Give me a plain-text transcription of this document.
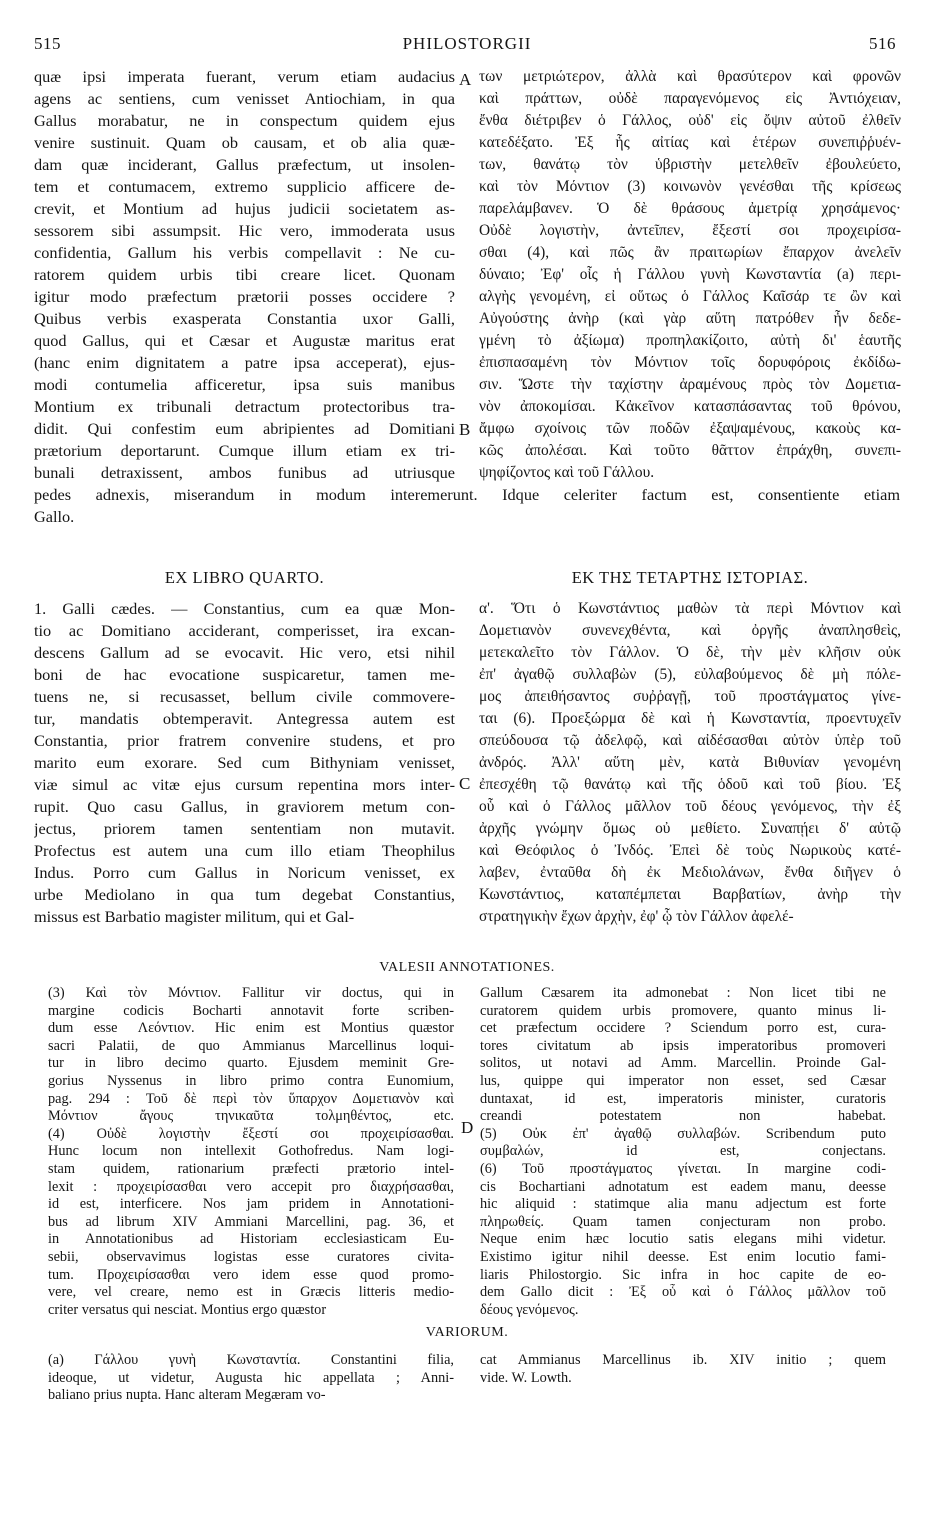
515	PHILOSTORGII	516
quæ ipsi imperata fuerant, verum etiam audacius
agens ac sentiens, cum venisset Antiochiam, in qua
Gallus morabatur, ne in conspectum quidem ejus
venire sustinuit. Quam ob causam, et ob alia quæ-
dam quæ inciderant, Gallus præfectum, ut insolen-
tem et contumacem, extremo supplicio afficere de-
crevit, et Montium ad hujus judicii societatem as-
sessorem sibi assumpsit. Hic vero, immoderata usus
confidentia, Gallum his verbis compellavit : Ne cu-
ratorem quidem urbis tibi creare licet. Quonam
igitur modo præfectum prætorii posses occidere ?
Quibus verbis exasperata Constantia uxor Galli,
quod Gallus, qui et Cæsar et Augustæ maritus erat
(hanc enim dignitatem a patre ipsa acceperat), ejus-
modi contumelia afficeretur, ipsa suis manibus
Montium ex tribunali detractum protectoribus tra-
didit. Qui confestim eum abripientes ad Domitiani
prætorium deportarunt. Cumque illum etiam ex tri-
bunali detraxissent, ambos funibus ad utriusque
των μετριώτερον, ἀλλὰ καὶ θρασύτερον καὶ φρονῶν
καὶ πράττων, οὐδὲ παραγενόμενος εἰς Ἀντιόχειαν,
ἔνθα διέτριβεν ὁ Γάλλος, οὐδ' εἰς ὄψιν αὐτοῦ ἐλθεῖν
κατεδέξατο. Ἐξ ἧς αἰτίας καὶ ἑτέρων συνεπιῤῥυέν-
των, θανάτῳ τὸν ὑβριστὴν μετελθεῖν ἐβουλεύετο,
καὶ τὸν Μόντιον (3) κοινωνὸν γενέσθαι τῆς κρίσεως
παρελάμβανεν. Ὁ δὲ θράσους ἀμετρίᾳ χρησάμενος·
Οὐδὲ λογιστὴν, ἀντεῖπεν, ἔξεστί σοι προχειρίσα-
σθαι (4), καὶ πῶς ἂν πραιτωρίων ἔπαρχον ἀνελεῖν
δύναιο; Ἐφ' οἷς ἡ Γάλλου γυνὴ Κωνσταντία (a) περι-
αλγὴς γενομένη, εἰ οὕτως ὁ Γάλλος Καῖσάρ τε ὢν καὶ
Αὐγούστης ἀνὴρ (καὶ γὰρ αὕτη πατρόθεν ἦν δεδε-
γμένη τὸ ἀξίωμα) προπηλακίζοιτο, αὐτὴ δι' ἑαυτῆς
ἐπισπασαμένη τὸν Μόντιον τοῖς δορυφόροις ἐκδίδω-
σιν. Ὥστε τὴν ταχίστην ἀραμένους πρὸς τὸν Δομετια-
νὸν ἀποκομίσαι. Κἀκεῖνον κατασπάσαντας τοῦ θρόνου,
ἄμφω σχοίνοις τῶν ποδῶν ἐξαψαμένους, κακοὺς κα-
κῶς ἀπολέσαι. Καὶ τοῦτο θᾶττον ἐπράχθη, συνεπι-
ψηφίζοντος καὶ τοῦ Γάλλου.
A
B
pedes adnexis, miserandum in modum interemerunt. Idque celeriter factum est, consentiente etiam
Gallo.
EX LIBRO QUARTO.	ΕΚ ΤΗΣ ΤΕΤΑΡΤΗΣ ΙΣΤΟΡΙΑΣ.
1. Galli cædes. — Constantius, cum ea quæ Mon-
tio ac Domitiano acciderant, comperisset, ira excan-
descens Gallum ad se evocavit. Hic vero, etsi nihil
boni de hac evocatione suspicaretur, tamen me-
tuens ne, si recusasset, bellum civile commovere-
tur, mandatis obtemperavit. Antegressa autem est
Constantia, prior fratrem convenire studens, et pro
marito eum exorare. Sed cum Bithyniam venisset,
viæ simul ac vitæ ejus cursum repentina mors inter-
rupit. Quo casu Gallus, in graviorem metum con-
jectus, priorem tamen sententiam non mutavit.
Profectus est autem una cum illo etiam Theophilus
Indus. Porro cum Gallus in Noricum venisset, ex
urbe Mediolano in qua tum degebat Constantius,
missus est Barbatio magister militum, qui et Gal-
α'. Ὅτι ὁ Κωνστάντιος μαθὼν τὰ περὶ Μόντιον καὶ
Δομετιανὸν συνενεχθέντα, καὶ ὀργῆς ἀναπλησθεὶς,
μετεκαλεῖτο τὸν Γάλλον. Ὁ δὲ, τὴν μὲν κλῆσιν οὐκ
ἐπ' ἀγαθῷ συλλαβὼν (5), εὐλαβούμενος δὲ μὴ πόλε-
μος ἀπειθήσαντος συῤῥαγῇ, τοῦ προστάγματος γίνε-
ται (6). Προεξώρμα δὲ καὶ ἡ Κωνσταντία, προεντυχεῖν
σπεύδουσα τῷ ἀδελφῷ, καὶ αἰδέσασθαι αὐτὸν ὑπὲρ τοῦ
ἀνδρός. Ἀλλ' αὕτη μὲν, κατὰ Βιθυνίαν γενομένη
ἐπεσχέθη τῷ θανάτῳ καὶ τῆς ὁδοῦ καὶ τοῦ βίου. Ἐξ
οὗ καὶ ὁ Γάλλος μᾶλλον τοῦ δέους γενόμενος, τὴν ἐξ
ἀρχῆς γνώμην ὅμως οὐ μεθίετο. Συναπῄει δ' αὐτῷ
καὶ Θεόφιλος ὁ Ἰνδός. Ἐπεὶ δὲ τοὺς Νωρικοὺς κατέ-
λαβεν, ἐνταῦθα δὴ ἐκ Μεδιολάνων, ἔνθα διῆγεν ὁ
Κωνστάντιος, καταπέμπεται Βαρβατίων, ἀνὴρ τὴν
στρατηγικὴν ἔχων ἀρχὴν, ἐφ' ᾧ τὸν Γάλλον ἀφελέ-
C
VALESII ANNOTATIONES.
(3) Καὶ τὸν Μόντιον. Fallitur vir doctus, qui in
margine codicis Bocharti annotavit forte scriben-
dum esse Λεόντιον. Hic enim est Montius quæstor
sacri Palatii, de quo Ammianus Marcellinus loqui-
tur in libro decimo quarto. Ejusdem meminit Gre-
gorius Nyssenus in libro primo contra Eunomium,
pag. 294 : Τοῦ δὲ περὶ τὸν ὕπαρχον Δομετιανὸν καὶ
Μόντιον ἄγους τηνικαῦτα τολμηθέντος, etc.
(4) Οὐδὲ λογιστὴν ἔξεστί σοι προχειρίσασθαι.
Hunc locum non intellexit Gothofredus. Nam logi-
stam quidem, rationarium præfecti prætorio intel-
lexit : προχειρίσασθαι vero accepit pro διαχρήσασθαι,
id est, interficere. Nos jam pridem in Annotationi-
bus ad librum XIV Ammiani Marcellini, pag. 36, et
in Annotationibus ad Historiam ecclesiasticam Eu-
sebii, observavimus logistas esse curatores civita-
tum. Προχειρίσασθαι vero idem esse quod promo-
vere, vel creare, nemo est in Græcis litteris medio-
criter versatus qui nesciat. Montius ergo quæstor
Gallum Cæsarem ita admonebat : Non licet tibi ne
curatorem quidem urbis promovere, quanto minus li-
cet præfectum occidere ? Sciendum porro est, cura-
tores civitatum ab ipsis imperatoribus promoveri
solitos, ut notavi ad Amm. Marcellin. Proinde Gal-
lus, quippe qui imperator non esset, sed Cæsar
duntaxat, id est, imperatoris minister, curatoris
creandi potestatem non habebat.
(5) Οὐκ ἐπ' ἀγαθῷ συλλαβών. Scribendum puto
συμβαλών, id est, conjectans.
(6) Τοῦ προστάγματος γίνεται. In margine codi-
cis Bochartiani adnotatum est eadem manu, deesse
hic aliquid : statimque alia manu adjectum est forte
πληρωθείς. Quam tamen conjecturam non probo.
Neque enim hæc locutio satis elegans mihi videtur.
Existimo igitur nihil deesse. Est enim locutio fami-
liaris Philostorgio. Sic infra in hoc capite de eo-
dem Gallo dicit : Ἐξ οὗ καὶ ὁ Γάλλος μᾶλλον τοῦ
δέους γενόμενος.
D
VARIORUM.
(a) Γάλλου γυνὴ Κωνσταντία. Constantini filia,
ideoque, ut videtur, Augusta hic appellata ; Anni-
baliano prius nupta. Hanc alteram Megæram vo-
cat Ammianus Marcellinus ib. XIV initio ; quem
vide. W. Lowth.
